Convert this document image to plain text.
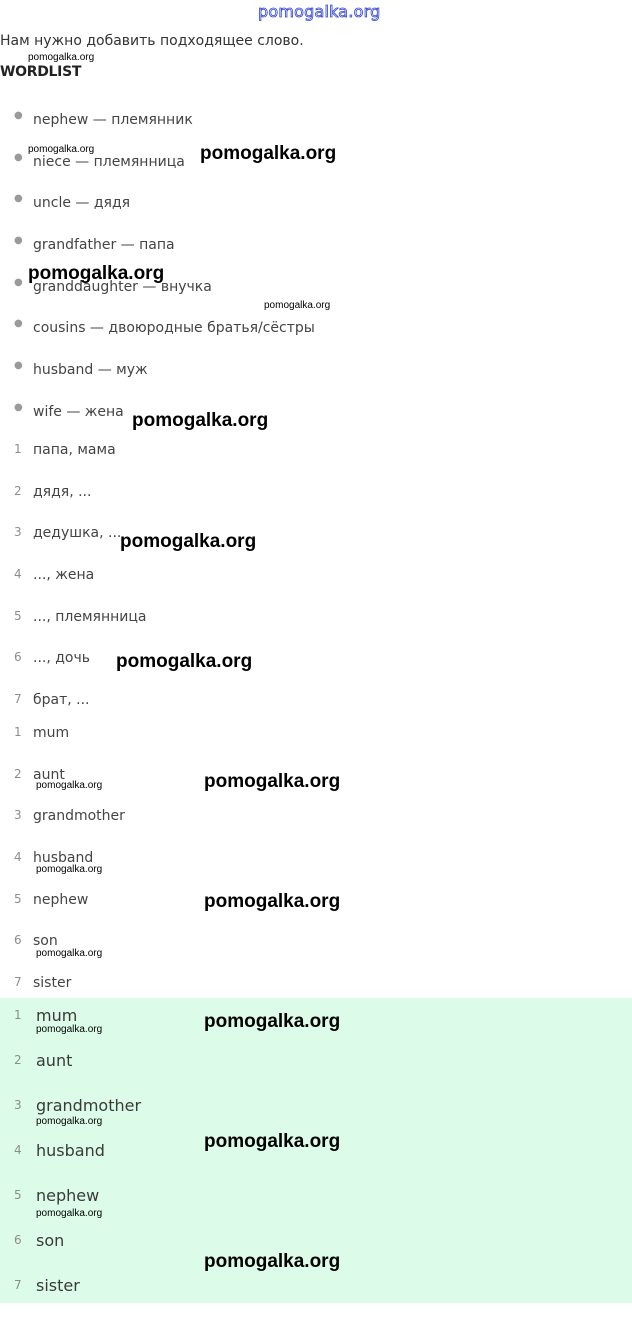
pomogalka.org
Нам нужно добавить подходящее слово.
WORDLIST
● nephew — племянник
● niece — племянница
● uncle — дядя
● grandfather — папа
● granddaughter — внучка
● cousins — двоюродные братья/сёстры
● husband — муж
● wife — жена
1 папа, мама
2 дядя, ...
3 дедушка, ...
4 ..., жена
5 ..., племянница
6 ..., дочь
7 брат, ...
1 mum
2 aunt
3 grandmother
4 husband
5 nephew
6 son
7 sister
1 mum
2 aunt
3 grandmother
4 husband
5 nephew
6 son
7 sister
pomogalka.org
pomogalka.org	pomogalka.org
pomogalka.org
pomogalka.org
pomogalka.org
pomogalka.org
pomogalka.org
pomogalka.org
pomogalka.org
pomogalka.org
pomogalka.org
pomogalka.org
pomogalka.org
pomogalka.org
pomogalka.org
pomogalka.org
pomogalka.org
pomogalka.org
